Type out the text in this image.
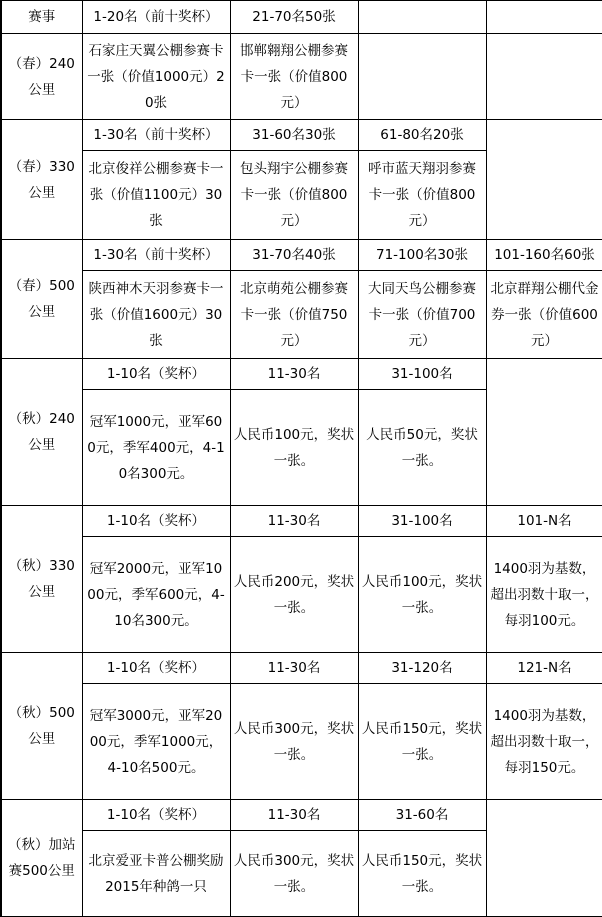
赛事	1-20名（前十奖杯）	21-70名50张		
（春）240公里	石家庄天翼公棚参赛卡一张（价值1000元）20张	邯郸翱翔公棚参赛卡一张（价值800元）		
（春）330公里	1-30名（前十奖杯）	31-60名30张	61-80名20张	
	北京俊祥公棚参赛卡一张（价值1100元）30张	包头翔宇公棚参赛卡一张（价值800元）	呼市蓝天翔羽参赛卡一张（价值800元）	
（春）500公里	1-30名（前十奖杯）	31-70名40张	71-100名30张	101-160名60张
	陕西神木天羽参赛卡一张（价值1600元）30张	北京萌苑公棚参赛卡一张（价值750元）	大同天鸟公棚参赛卡一张（价值700元）	北京群翔公棚代金券一张（价值600元）
（秋）240公里	1-10名（奖杯）	11-30名	31-100名	
	冠军1000元，亚军600元，季军400元，4-10名300元。	人民币100元，奖状一张。	人民币50元，奖状一张。	
（秋）330公里	1-10名（奖杯）	11-30名	31-100名	101-N名
	冠军2000元，亚军1000元，季军600元，4-10名300元。	人民币200元，奖状一张。	人民币100元，奖状一张。	1400羽为基数，超出羽数十取一，每羽100元。
（秋）500公里	1-10名（奖杯）	11-30名	31-120名	121-N名
	冠军3000元，亚军2000元，季军1000元，4-10名500元。	人民币300元，奖状一张。	人民币150元，奖状一张。	1400羽为基数，超出羽数十取一，每羽150元。
（秋）加站赛500公里	1-10名（奖杯）	11-30名	31-60名	
	北京爱亚卡普公棚奖励2015年种鸽一只	人民币300元，奖状一张。	人民币150元，奖状一张。	
